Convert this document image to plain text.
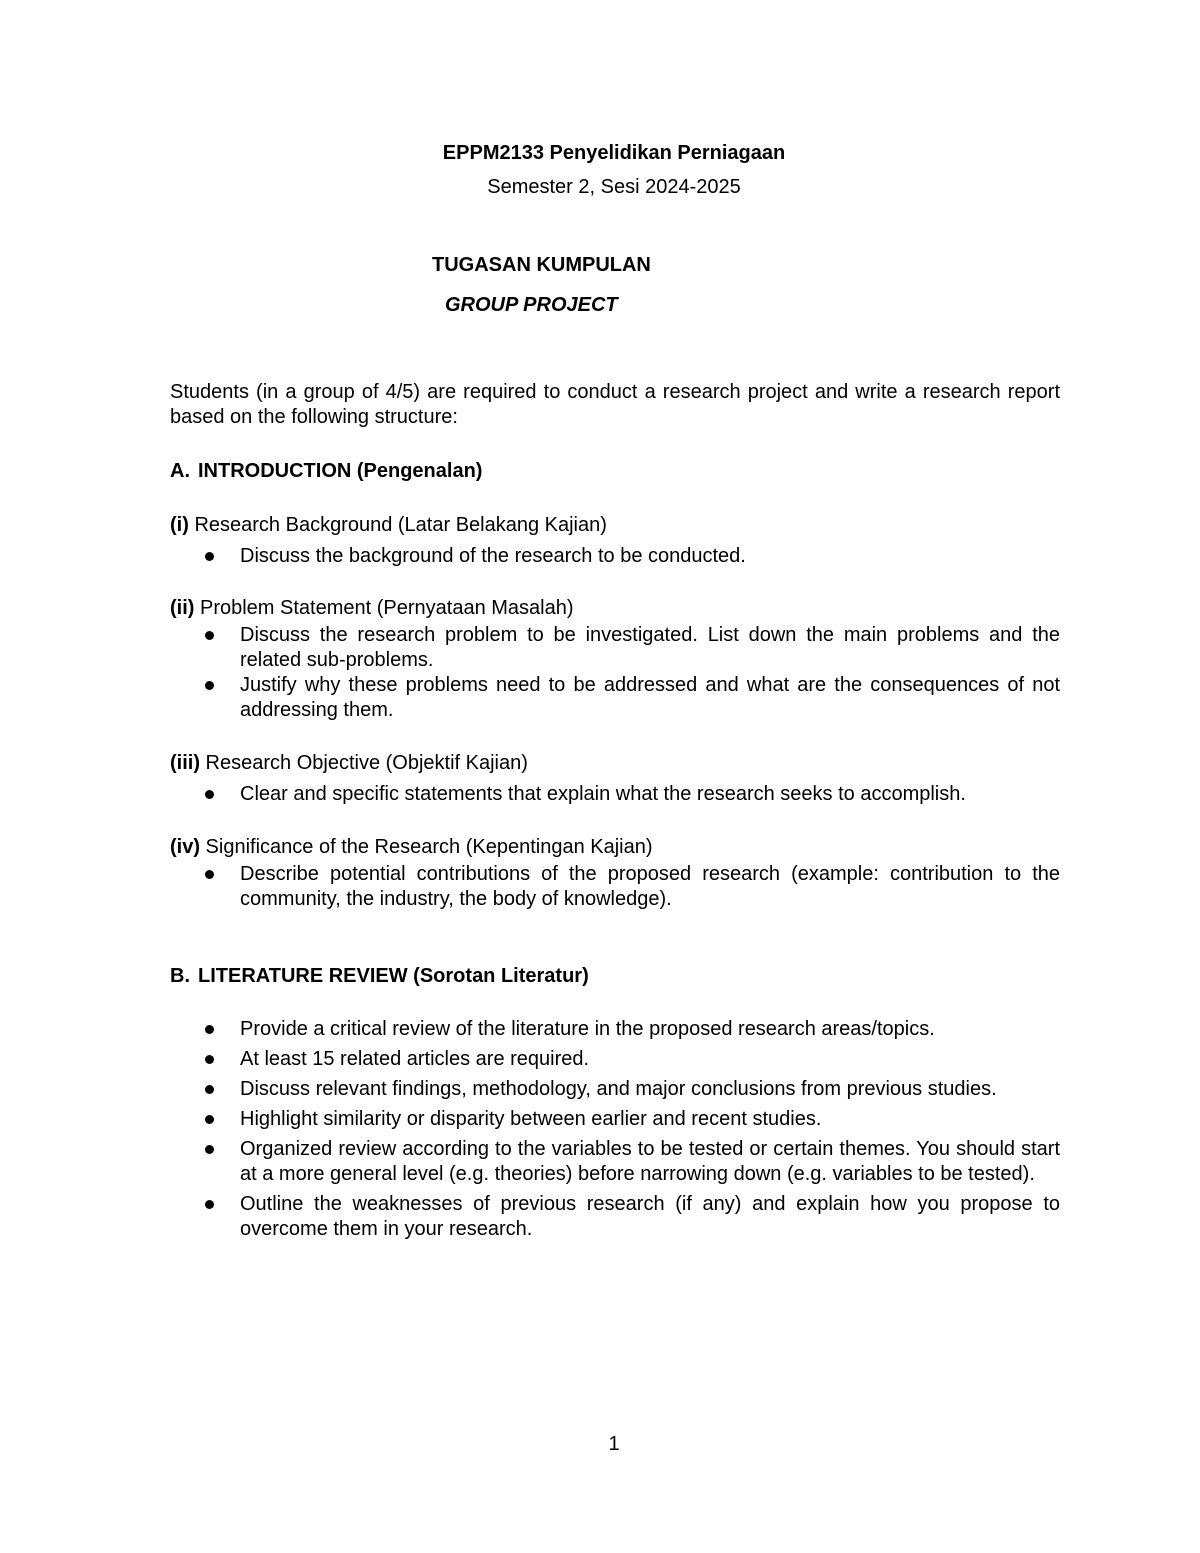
EPPM2133 Penyelidikan Perniagaan
Semester 2, Sesi 2024-2025
TUGASAN KUMPULAN
GROUP PROJECT
Students (in a group of 4/5) are required to conduct a research project and write a research report based on the following structure:
A. INTRODUCTION (Pengenalan)
(i) Research Background (Latar Belakang Kajian)
Discuss the background of the research to be conducted.
(ii) Problem Statement (Pernyataan Masalah)
Discuss the research problem to be investigated. List down the main problems and the related sub-problems.
Justify why these problems need to be addressed and what are the consequences of not addressing them.
(iii) Research Objective (Objektif Kajian)
Clear and specific statements that explain what the research seeks to accomplish.
(iv) Significance of the Research (Kepentingan Kajian)
Describe potential contributions of the proposed research (example: contribution to the community, the industry, the body of knowledge).
B. LITERATURE REVIEW (Sorotan Literatur)
Provide a critical review of the literature in the proposed research areas/topics.
At least 15 related articles are required.
Discuss relevant findings, methodology, and major conclusions from previous studies.
Highlight similarity or disparity between earlier and recent studies.
Organized review according to the variables to be tested or certain themes. You should start at a more general level (e.g. theories) before narrowing down (e.g. variables to be tested).
Outline the weaknesses of previous research (if any) and explain how you propose to overcome them in your research.
1
